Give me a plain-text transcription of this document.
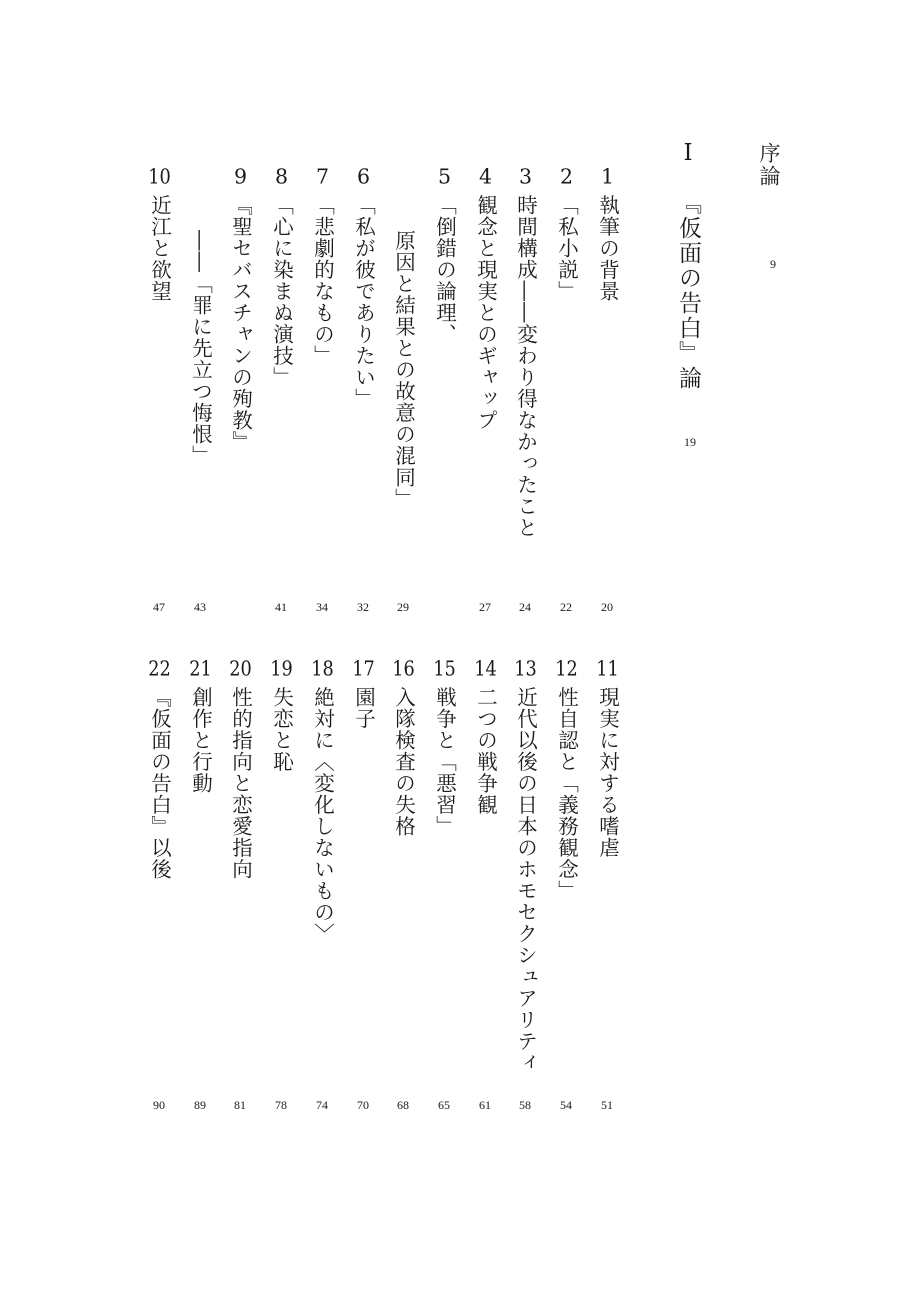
序論
9
Ⅰ 『仮面の告白』論
19
1執筆の背景
20
2「私小説」
22
3時間構成――変わり得なかったこと
24
4観念と現実とのギャップ
27
5「倒錯の論理、
原因と結果との故意の混同」
29
6「私が彼でありたい」
32
7「悲劇的なもの」
34
8「心に染まぬ演技」
41
9『聖セバスチャンの殉教』
――「罪に先立つ悔恨」
43
10近江と欲望
47
11現実に対する嗜虐
51
12性自認と「義務観念」
54
13近代以後の日本のホモセクシュアリティ
58
14二つの戦争観
61
15戦争と「悪習」
65
16入隊検査の失格
68
17園子
70
18絶対に〈変化しないもの〉
74
19失恋と恥
78
20性的指向と恋愛指向
81
21創作と行動
89
22『仮面の告白』以後
90
